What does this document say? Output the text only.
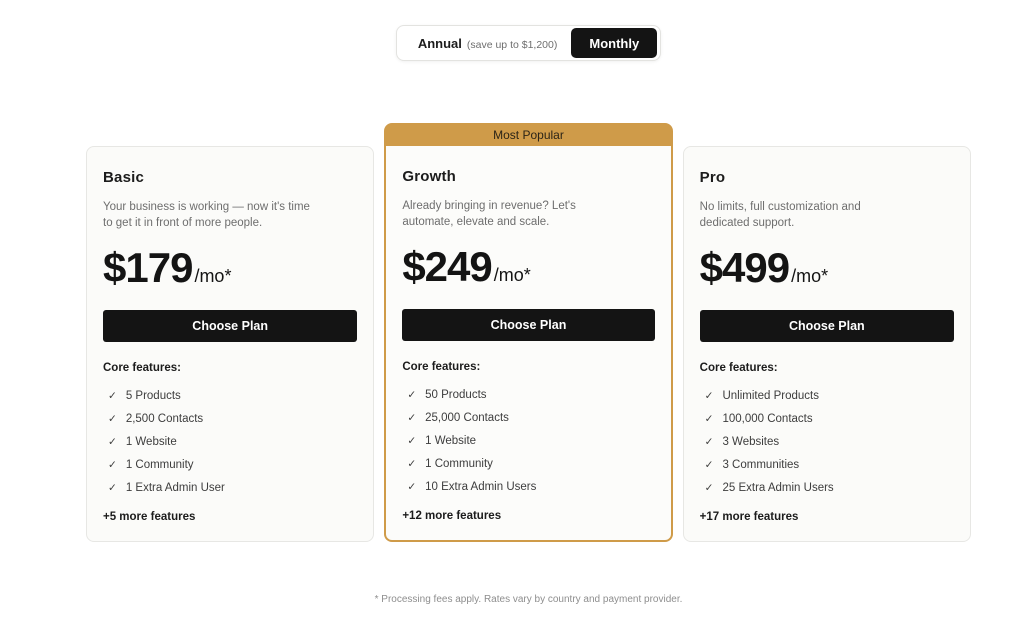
Annual (save up to $1,200)	Monthly
Basic
Your business is working — now it's time to get it in front of more people.
$179 /mo*
Choose Plan
Core features:
✓ 5 Products
✓ 2,500 Contacts
✓ 1 Website
✓ 1 Community
✓ 1 Extra Admin User
+5 more features
Most Popular
Growth
Already bringing in revenue? Let's automate, elevate and scale.
$249 /mo*
Choose Plan
Core features:
✓ 50 Products
✓ 25,000 Contacts
✓ 1 Website
✓ 1 Community
✓ 10 Extra Admin Users
+12 more features
Pro
No limits, full customization and dedicated support.
$499 /mo*
Choose Plan
Core features:
✓ Unlimited Products
✓ 100,000 Contacts
✓ 3 Websites
✓ 3 Communities
✓ 25 Extra Admin Users
+17 more features
* Processing fees apply. Rates vary by country and payment provider.
